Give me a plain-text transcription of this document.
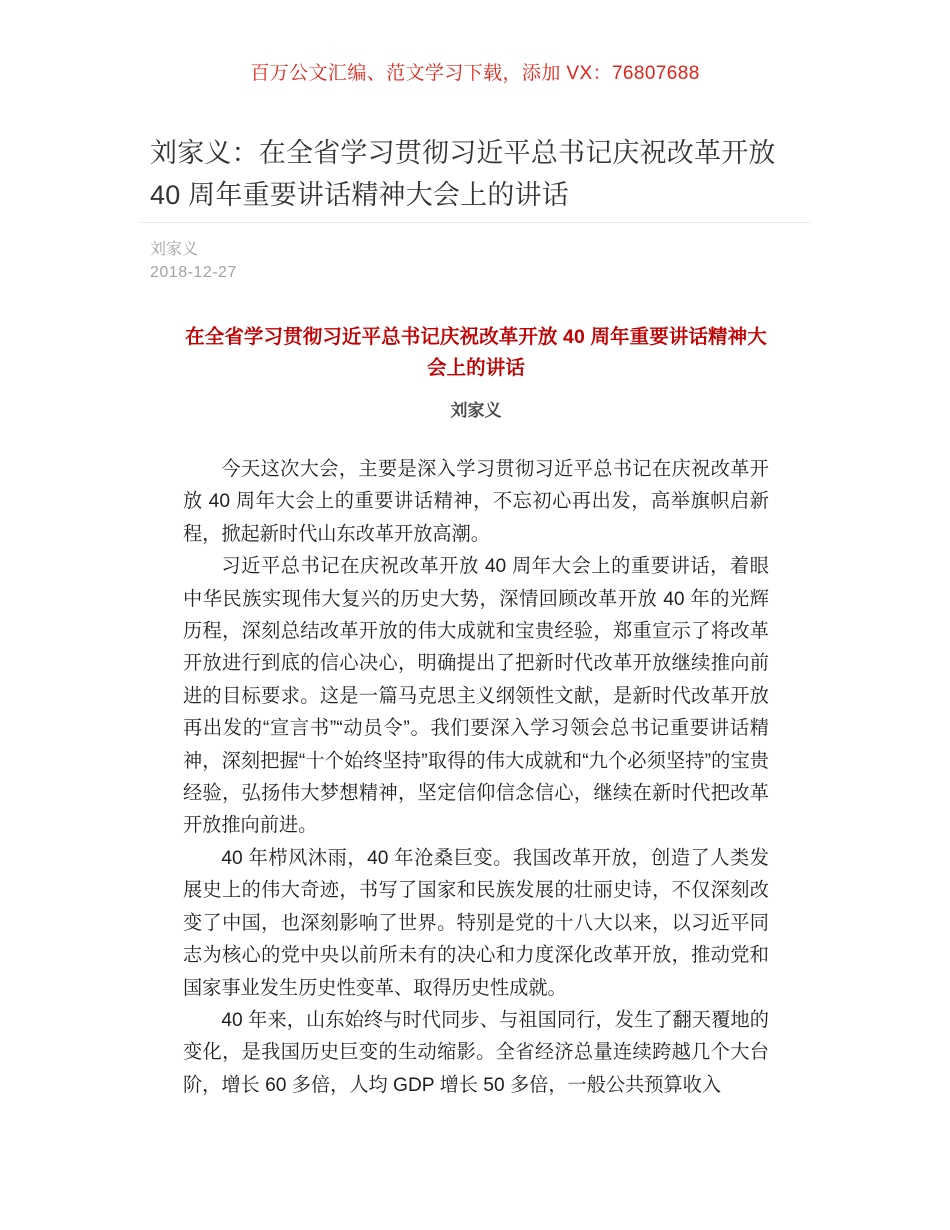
百万公文汇编、范文学习下载，添加 VX：76807688
刘家义：在全省学习贯彻习近平总书记庆祝改革开放 40 周年重要讲话精神大会上的讲话
刘家义
2018-12-27
在全省学习贯彻习近平总书记庆祝改革开放 40 周年重要讲话精神大会上的讲话
刘家义

今天这次大会，主要是深入学习贯彻习近平总书记在庆祝改革开放 40 周年大会上的重要讲话精神，不忘初心再出发，高举旗帜启新程，掀起新时代山东改革开放高潮。

习近平总书记在庆祝改革开放 40 周年大会上的重要讲话，着眼中华民族实现伟大复兴的历史大势，深情回顾改革开放 40 年的光辉历程，深刻总结改革开放的伟大成就和宝贵经验，郑重宣示了将改革开放进行到底的信心决心，明确提出了把新时代改革开放继续推向前进的目标要求。这是一篇马克思主义纲领性文献，是新时代改革开放再出发的“宣言书”“动员令”。我们要深入学习领会总书记重要讲话精神，深刻把握“十个始终坚持”取得的伟大成就和“九个必须坚持”的宝贵经验，弘扬伟大梦想精神，坚定信仰信念信心，继续在新时代把改革开放推向前进。

40 年栉风沐雨，40 年沧桑巨变。我国改革开放，创造了人类发展史上的伟大奇迹，书写了国家和民族发展的壮丽史诗，不仅深刻改变了中国，也深刻影响了世界。特别是党的十八大以来，以习近平同志为核心的党中央以前所未有的决心和力度深化改革开放，推动党和国家事业发生历史性变革、取得历史性成就。

40 年来，山东始终与时代同步、与祖国同行，发生了翻天覆地的变化，是我国历史巨变的生动缩影。全省经济总量连续跨越几个大台阶，增长 60 多倍，人均 GDP 增长 50 多倍，一般公共预算收入
